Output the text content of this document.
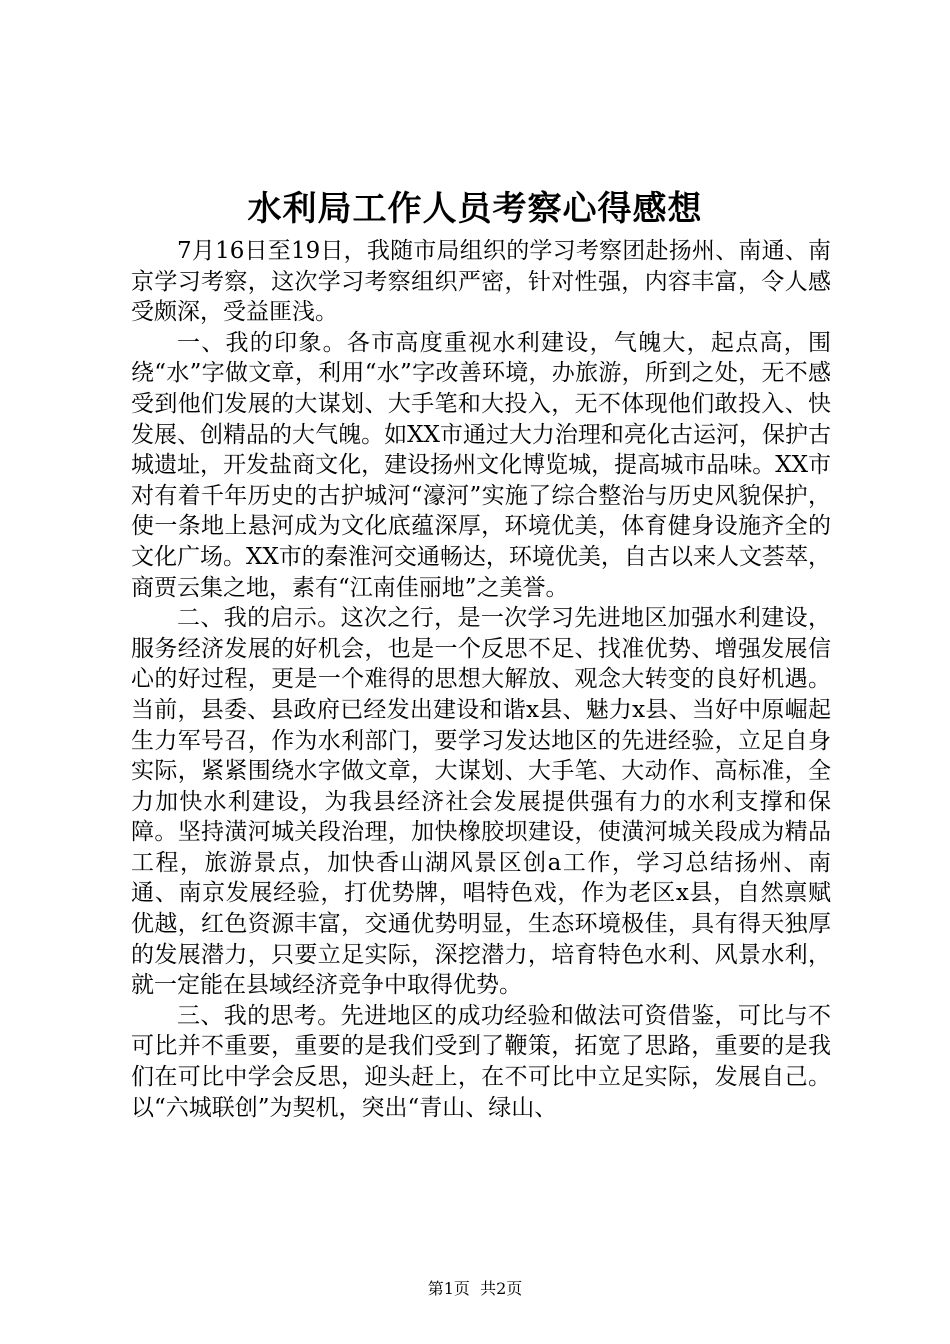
水利局工作人员考察心得感想

7月16日至19日，我随市局组织的学习考察团赴扬州、南通、南京学习考察，这次学习考察组织严密，针对性强，内容丰富，令人感受颇深，受益匪浅。

一、我的印象。各市高度重视水利建设，气魄大，起点高，围绕“水”字做文章，利用“水”字改善环境，办旅游，所到之处，无不感受到他们发展的大谋划、大手笔和大投入，无不体现他们敢投入、快发展、创精品的大气魄。如XX市通过大力治理和亮化古运河，保护古城遗址，开发盐商文化，建设扬州文化博览城，提高城市品味。XX市对有着千年历史的古护城河“濠河”实施了综合整治与历史风貌保护，使一条地上悬河成为文化底蕴深厚，环境优美，体育健身设施齐全的文化广场。XX市的秦淮河交通畅达，环境优美，自古以来人文荟萃，商贾云集之地，素有“江南佳丽地”之美誉。

二、我的启示。这次之行，是一次学习先进地区加强水利建设，服务经济发展的好机会，也是一个反思不足、找准优势、增强发展信心的好过程，更是一个难得的思想大解放、观念大转变的良好机遇。当前，县委、县政府已经发出建设和谐x县、魅力x县、当好中原崛起生力军号召，作为水利部门，要学习发达地区的先进经验，立足自身实际，紧紧围绕水字做文章，大谋划、大手笔、大动作、高标准，全力加快水利建设，为我县经济社会发展提供强有力的水利支撑和保障。坚持潢河城关段治理，加快橡胶坝建设，使潢河城关段成为精品工程，旅游景点，加快香山湖风景区创a工作，学习总结扬州、南通、南京发展经验，打优势牌，唱特色戏，作为老区x县，自然禀赋优越，红色资源丰富，交通优势明显，生态环境极佳，具有得天独厚的发展潜力，只要立足实际，深挖潜力，培育特色水利、风景水利，就一定能在县域经济竞争中取得优势。

三、我的思考。先进地区的成功经验和做法可资借鉴，可比与不可比并不重要，重要的是我们受到了鞭策，拓宽了思路，重要的是我们在可比中学会反思，迎头赶上，在不可比中立足实际，发展自己。以“六城联创”为契机，突出“青山、绿山、

第1页  共2页
